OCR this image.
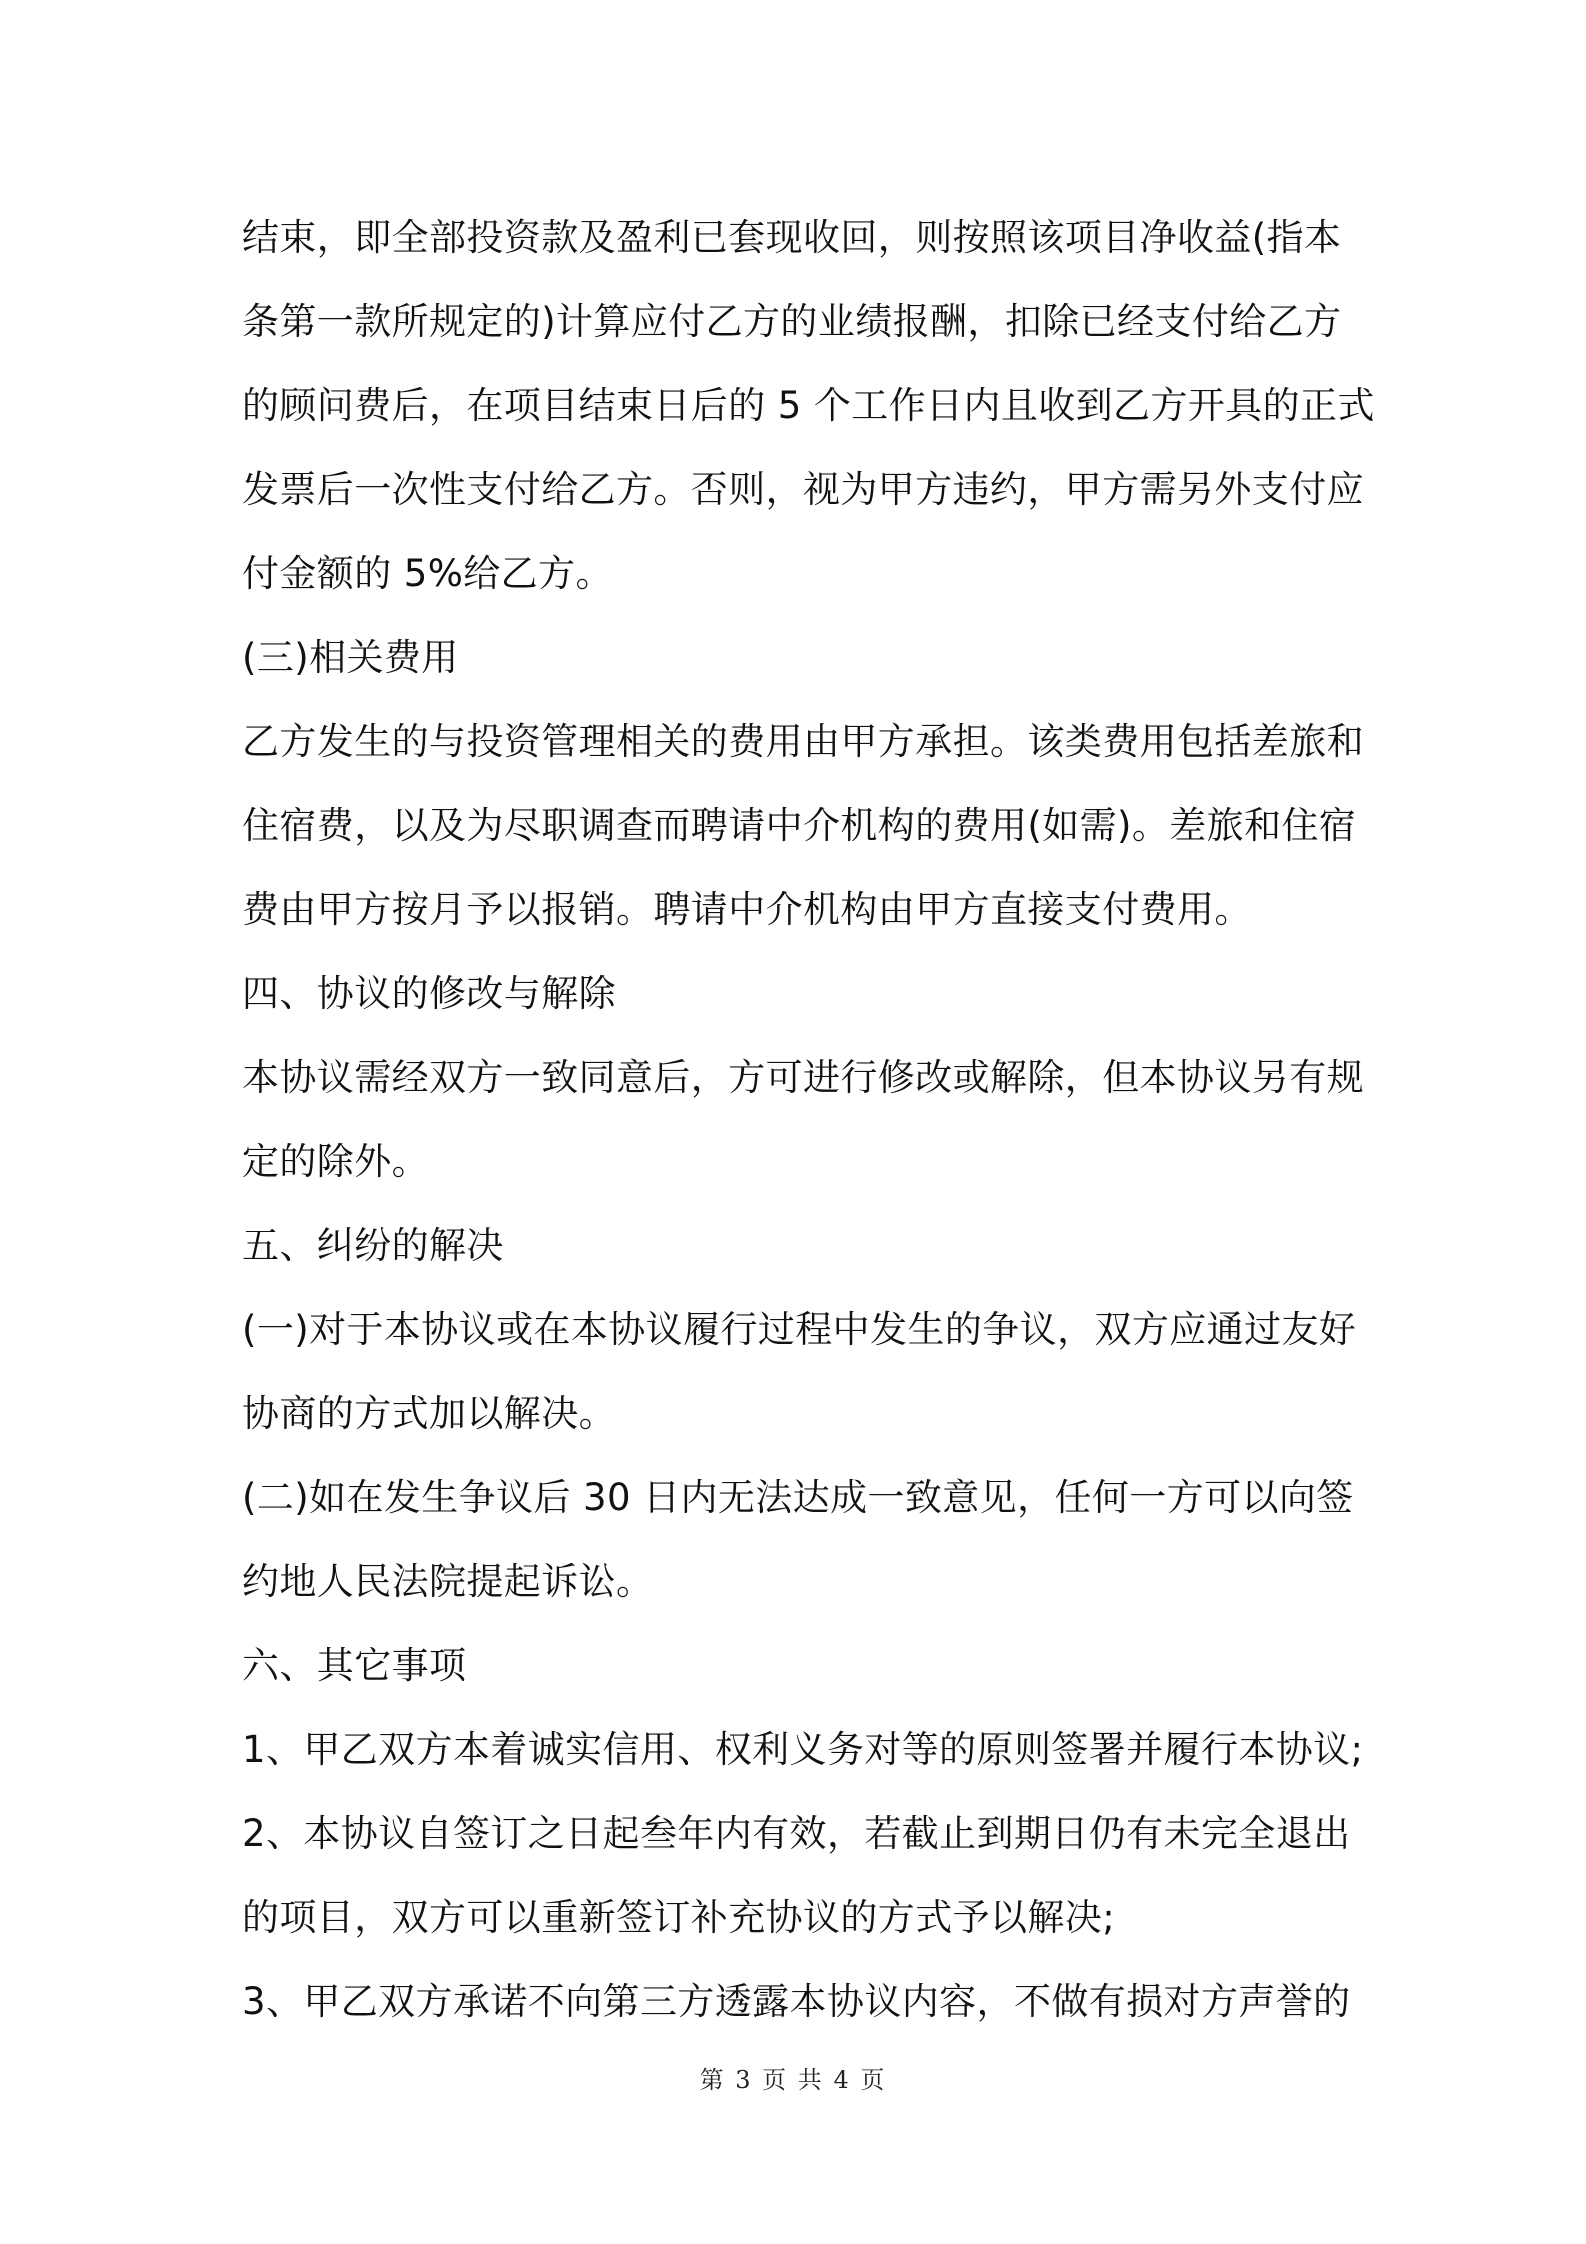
结束，即全部投资款及盈利已套现收回，则按照该项目净收益(指本
条第一款所规定的)计算应付乙方的业绩报酬，扣除已经支付给乙方
的顾问费后，在项目结束日后的 5 个工作日内且收到乙方开具的正式
发票后一次性支付给乙方。否则，视为甲方违约，甲方需另外支付应
付金额的 5%给乙方。
(三)相关费用
乙方发生的与投资管理相关的费用由甲方承担。该类费用包括差旅和
住宿费，以及为尽职调查而聘请中介机构的费用(如需)。差旅和住宿
费由甲方按月予以报销。聘请中介机构由甲方直接支付费用。
四、协议的修改与解除
本协议需经双方一致同意后，方可进行修改或解除，但本协议另有规
定的除外。
五、纠纷的解决
(一)对于本协议或在本协议履行过程中发生的争议，双方应通过友好
协商的方式加以解决。
(二)如在发生争议后 30 日内无法达成一致意见，任何一方可以向签
约地人民法院提起诉讼。
六、其它事项
1、甲乙双方本着诚实信用、权利义务对等的原则签署并履行本协议;
2、本协议自签订之日起叁年内有效，若截止到期日仍有未完全退出
的项目，双方可以重新签订补充协议的方式予以解决;
3、甲乙双方承诺不向第三方透露本协议内容，不做有损对方声誉的
第 3 页 共 4 页
